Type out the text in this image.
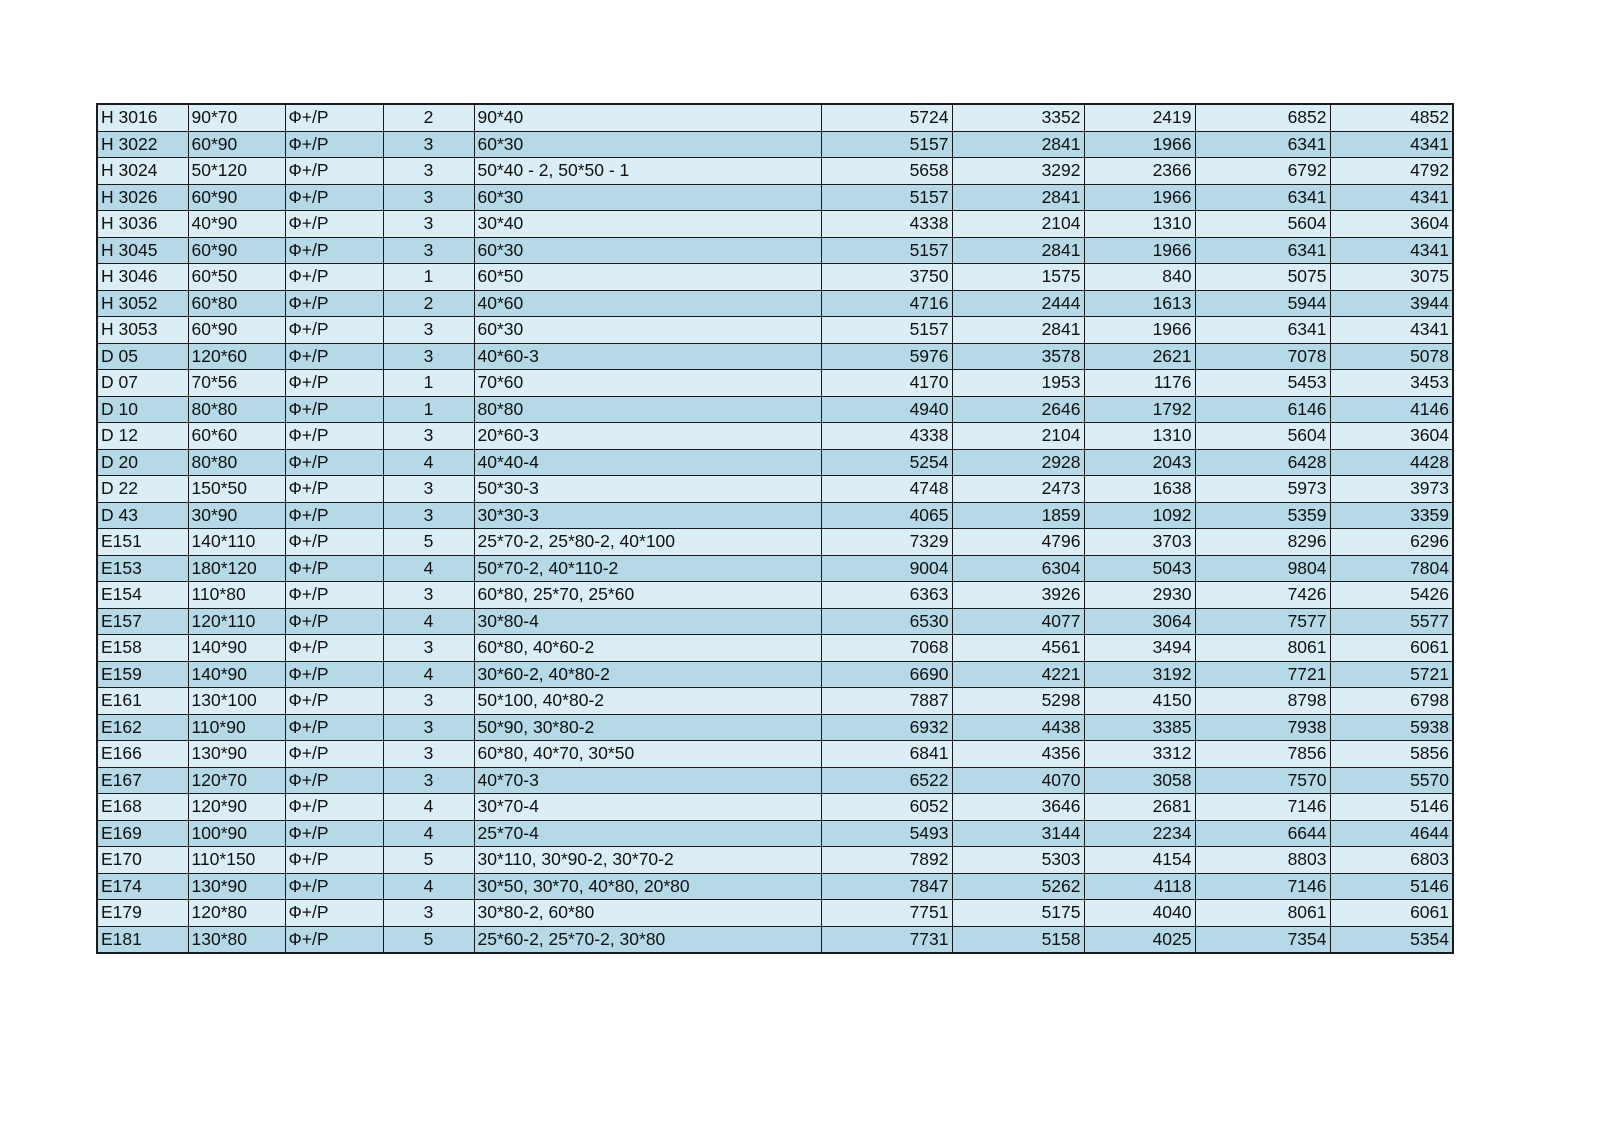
H 3016	90*70	Ф+/Р	2	90*40	5724	3352	2419	6852	4852
H 3022	60*90	Ф+/Р	3	60*30	5157	2841	1966	6341	4341
H 3024	50*120	Ф+/Р	3	50*40 - 2, 50*50 - 1	5658	3292	2366	6792	4792
H 3026	60*90	Ф+/Р	3	60*30	5157	2841	1966	6341	4341
H 3036	40*90	Ф+/Р	3	30*40	4338	2104	1310	5604	3604
H 3045	60*90	Ф+/Р	3	60*30	5157	2841	1966	6341	4341
H 3046	60*50	Ф+/Р	1	60*50	3750	1575	840	5075	3075
H 3052	60*80	Ф+/Р	2	40*60	4716	2444	1613	5944	3944
H 3053	60*90	Ф+/Р	3	60*30	5157	2841	1966	6341	4341
D 05	120*60	Ф+/Р	3	40*60-3	5976	3578	2621	7078	5078
D 07	70*56	Ф+/Р	1	70*60	4170	1953	1176	5453	3453
D 10	80*80	Ф+/Р	1	80*80	4940	2646	1792	6146	4146
D 12	60*60	Ф+/Р	3	20*60-3	4338	2104	1310	5604	3604
D 20	80*80	Ф+/Р	4	40*40-4	5254	2928	2043	6428	4428
D 22	150*50	Ф+/Р	3	50*30-3	4748	2473	1638	5973	3973
D 43	30*90	Ф+/Р	3	30*30-3	4065	1859	1092	5359	3359
E151	140*110	Ф+/Р	5	25*70-2, 25*80-2, 40*100	7329	4796	3703	8296	6296
E153	180*120	Ф+/Р	4	50*70-2, 40*110-2	9004	6304	5043	9804	7804
E154	110*80	Ф+/Р	3	60*80, 25*70, 25*60	6363	3926	2930	7426	5426
E157	120*110	Ф+/Р	4	30*80-4	6530	4077	3064	7577	5577
E158	140*90	Ф+/Р	3	60*80, 40*60-2	7068	4561	3494	8061	6061
E159	140*90	Ф+/Р	4	30*60-2, 40*80-2	6690	4221	3192	7721	5721
E161	130*100	Ф+/Р	3	50*100, 40*80-2	7887	5298	4150	8798	6798
E162	110*90	Ф+/Р	3	50*90, 30*80-2	6932	4438	3385	7938	5938
E166	130*90	Ф+/Р	3	60*80, 40*70, 30*50	6841	4356	3312	7856	5856
E167	120*70	Ф+/Р	3	40*70-3	6522	4070	3058	7570	5570
E168	120*90	Ф+/Р	4	30*70-4	6052	3646	2681	7146	5146
E169	100*90	Ф+/Р	4	25*70-4	5493	3144	2234	6644	4644
E170	110*150	Ф+/Р	5	30*110, 30*90-2, 30*70-2	7892	5303	4154	8803	6803
E174	130*90	Ф+/Р	4	30*50, 30*70, 40*80, 20*80	7847	5262	4118	7146	5146
E179	120*80	Ф+/Р	3	30*80-2, 60*80	7751	5175	4040	8061	6061
E181	130*80	Ф+/Р	5	25*60-2, 25*70-2, 30*80	7731	5158	4025	7354	5354
